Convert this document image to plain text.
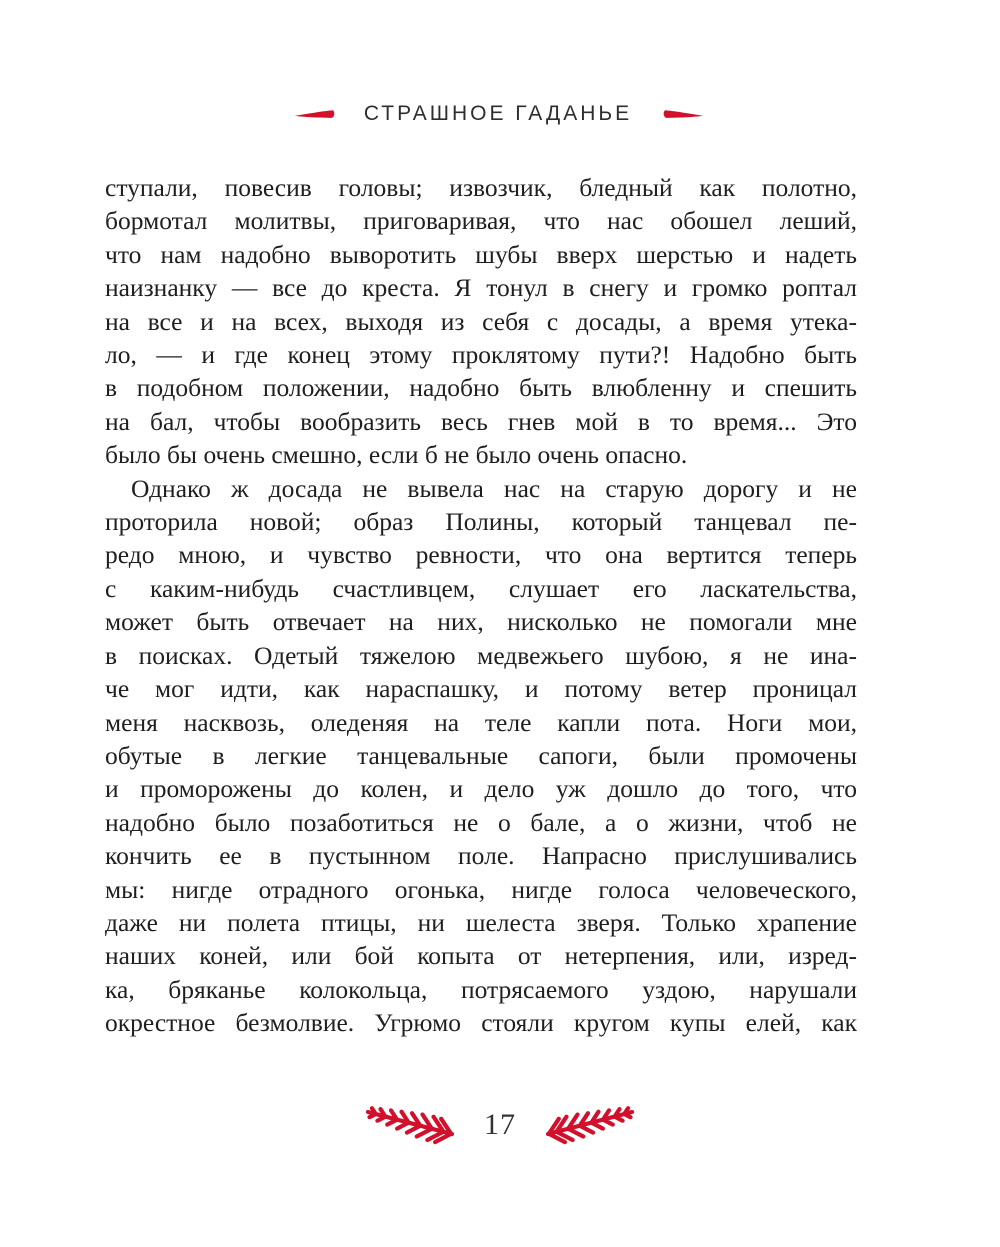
СТРАШНОЕ ГАДАНЬЕ
ступали, повесив головы; извозчик, бледный как полотно,
бормотал молитвы, приговаривая, что нас обошел леший,
что нам надобно выворотить шубы вверх шерстью и надеть
наизнанку — все до креста. Я тонул в снегу и громко роптал
на все и на всех, выходя из себя с досады, а время утека-
ло, — и где конец этому проклятому пути?! Надобно быть
в подобном положении, надобно быть влюбленну и спешить
на бал, чтобы вообразить весь гнев мой в то время... Это
было бы очень смешно, если б не было очень опасно.
Однако ж досада не вывела нас на старую дорогу и не
проторила новой; образ Полины, который танцевал пе-
редо мною, и чувство ревности, что она вертится теперь
с каким-нибудь счастливцем, слушает его ласкательства,
может быть отвечает на них, нисколько не помогали мне
в поисках. Одетый тяжелою медвежьего шубою, я не ина-
че мог идти, как нараспашку, и потому ветер проницал
меня насквозь, оледеняя на теле капли пота. Ноги мои,
обутые в легкие танцевальные сапоги, были промочены
и проморожены до колен, и дело уж дошло до того, что
надобно было позаботиться не о бале, а о жизни, чтоб не
кончить ее в пустынном поле. Напрасно прислушивались
мы: нигде отрадного огонька, нигде голоса человеческого,
даже ни полета птицы, ни шелеста зверя. Только храпение
наших коней, или бой копыта от нетерпения, или, изред-
ка, бряканье колокольца, потрясаемого уздою, нарушали
окрестное безмолвие. Угрюмо стояли кругом купы елей, как
17
